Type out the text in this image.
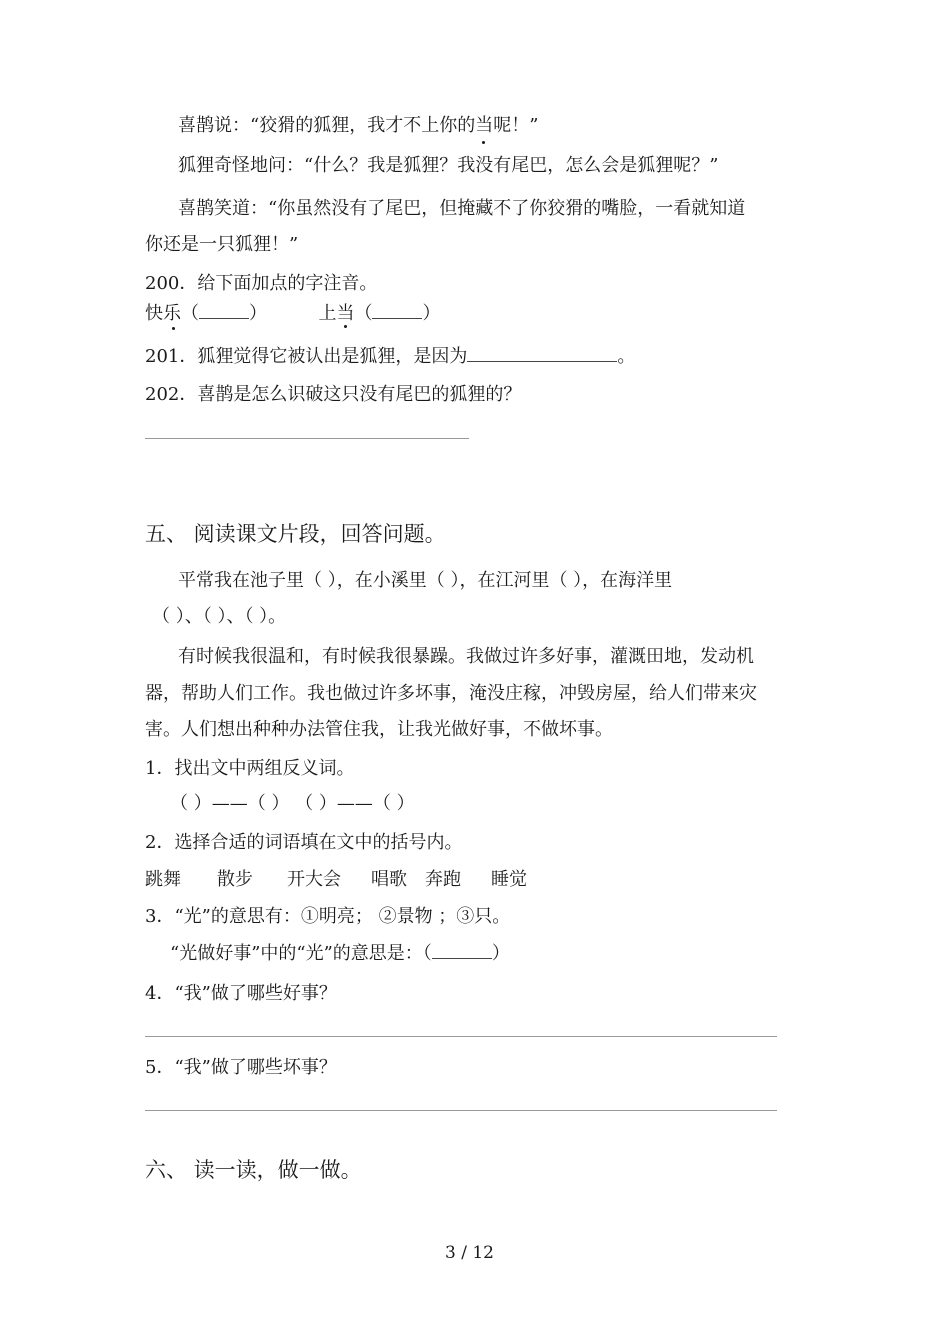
喜鹊说：“狡猾的狐狸，我才不上你的当呢！”
狐狸奇怪地问：“什么？我是狐狸？我没有尾巴，怎么会是狐狸呢？”
喜鹊笑道：“你虽然没有了尾巴，但掩藏不了你狡猾的嘴脸，一看就知道
你还是一只狐狸！”
200．给下面加点的字注音。
快乐（	）	上当（	）
201．狐狸觉得它被认出是狐狸，是因为	。
202．喜鹊是怎么识破这只没有尾巴的狐狸的？
五、 阅读课文片段，回答问题。
平常我在池子里（ ），在小溪里（ ），在江河里（ ），在海洋里
（ ）、（ ）、（ ）。
有时候我很温和，有时候我很暴躁。我做过许多好事，灌溉田地，发动机
器，帮助人们工作。我也做过许多坏事，淹没庄稼，冲毁房屋，给人们带来灾
害。人们想出种种办法管住我，让我光做好事，不做坏事。
1．找出文中两组反义词。
（ ）——（ ） （ ）——（ ）
2．选择合适的词语填在文中的括号内。
跳舞 散步 开大会 唱歌 奔跑 睡觉
3．“光”的意思有：①明亮； ②景物 ；③只。
“光做好事”中的“光”的意思是：（	）
4．“我”做了哪些好事？
5．“我”做了哪些坏事？
六、 读一读，做一做。
3 / 12
